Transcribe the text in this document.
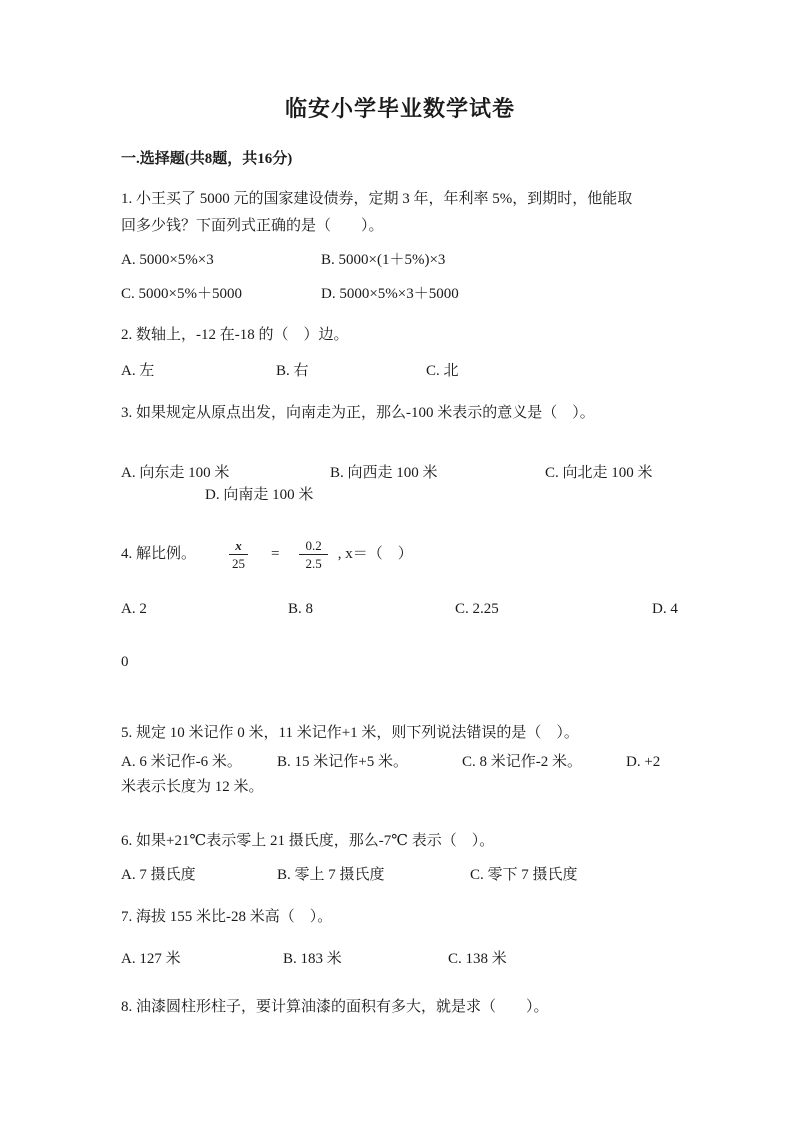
临安小学毕业数学试卷
一.选择题(共8题，共16分)
1. 小王买了 5000 元的国家建设债券，定期 3 年，年利率 5%，到期时，他能取
回多少钱？下面列式正确的是（　　）。
A. 5000×5%×3	B. 5000×(1＋5%)×3
C. 5000×5%＋5000	D. 5000×5%×3＋5000
2. 数轴上，-12 在-18 的（　）边。
A. 左	B. 右	C. 北
3. 如果规定从原点出发，向南走为正，那么-100 米表示的意义是（　）。
A. 向东走 100 米	B. 向西走 100 米	C. 向北走 100 米
D. 向南走 100 米
4. 解比例。 $\frac{x}{25} = \frac{0.2}{2.5}$ , x＝（　）
A. 2	B. 8	C. 2.25	D. 4
0
5. 规定 10 米记作 0 米，11 米记作+1 米，则下列说法错误的是（　）。
A. 6 米记作-6 米。	B. 15 米记作+5 米。	C. 8 米记作-2 米。	D. +2
米表示长度为 12 米。
6. 如果+21℃表示零上 21 摄氏度，那么-7℃ 表示（　）。
A. 7 摄氏度	B. 零上 7 摄氏度	C. 零下 7 摄氏度
7. 海拔 155 米比-28 米高（　）。
A. 127 米	B. 183 米	C. 138 米
8. 油漆圆柱形柱子，要计算油漆的面积有多大，就是求（　　）。
